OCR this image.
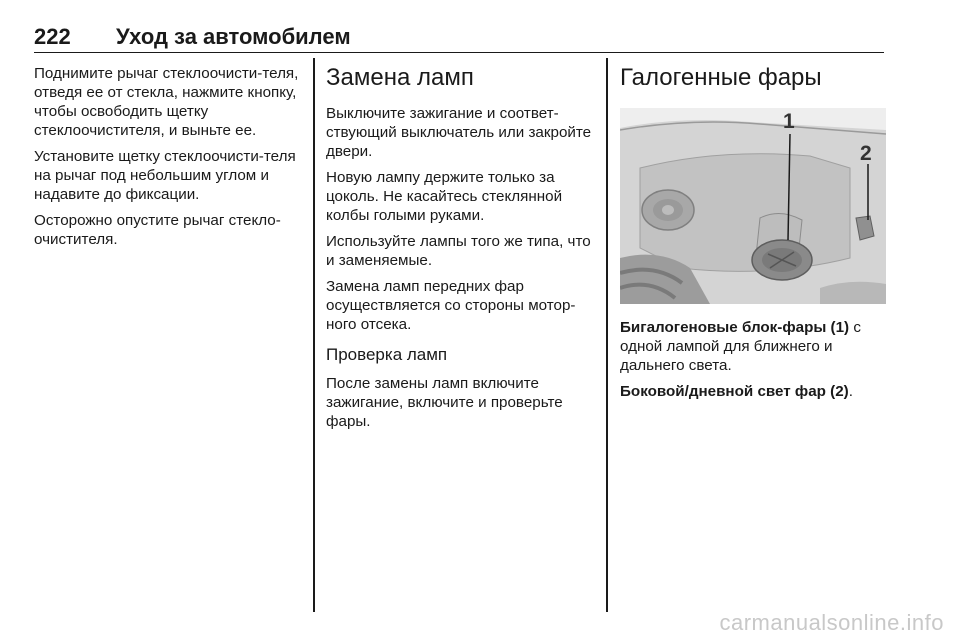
222 Уход за автомобилем

Поднимите рычаг стеклоочисти-теля, отведя ее от стекла, нажмите кнопку, чтобы освободить щетку стеклоочистителя, и выньте ее.

Установите щетку стеклоочисти-теля на рычаг под небольшим углом и надавите до фиксации.

Осторожно опустите рычаг стекло-очистителя.

Замена ламп

Выключите зажигание и соответ-ствующий выключатель или закройте двери.

Новую лампу держите только за цоколь. Не касайтесь стеклянной колбы голыми руками.

Используйте лампы того же типа, что и заменяемые.

Замена ламп передних фар осуществляется со стороны мотор-ного отсека.

Проверка ламп

После замены ламп включите зажигание, включите и проверьте фары.

Галогенные фары
1
2

Бигалогеновые блок-фары (1) с одной лампой для ближнего и дальнего света.

Боковой/дневной свет фар (2).

carmanualsonline.info
